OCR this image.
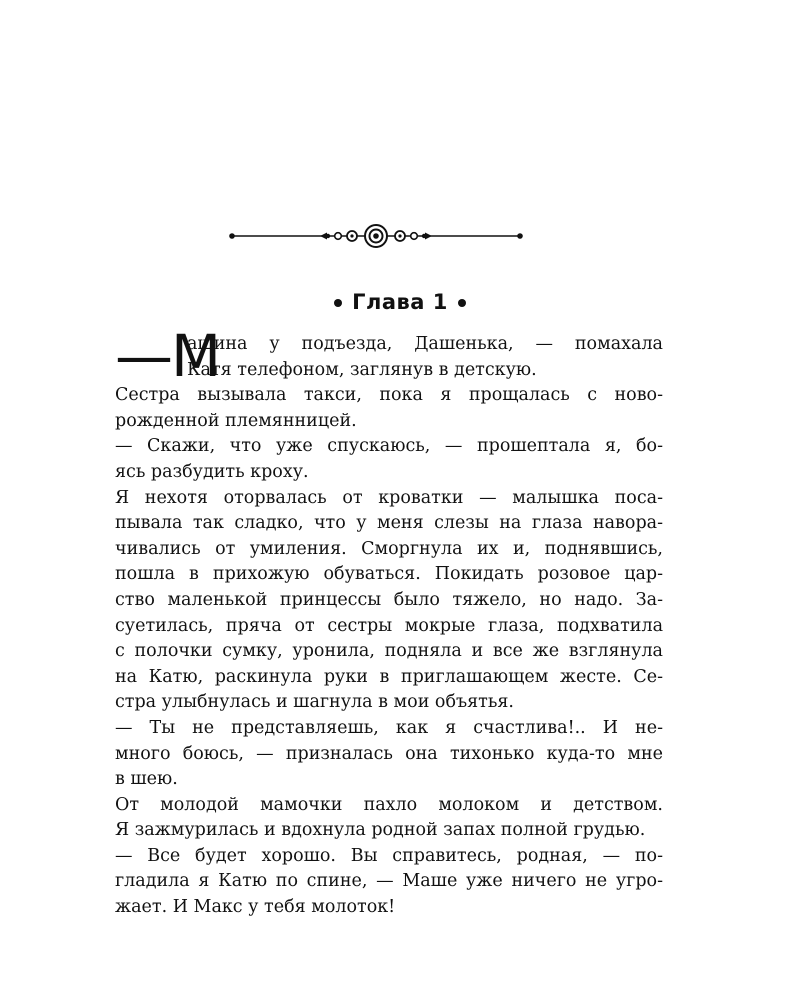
Глава 1
—М
ашина у подъезда, Дашенька, — помахала
Катя телефоном, заглянув в детскую.
Сестра вызывала такси, пока я прощалась с ново-
рожденной племянницей.
— Скажи, что уже спускаюсь, — прошептала я, бо-
ясь разбудить кроху.
Я нехотя оторвалась от кроватки — малышка поса-
пывала так сладко, что у меня слезы на глаза навора-
чивались от умиления. Сморгнула их и, поднявшись,
пошла в прихожую обуваться. Покидать розовое цар-
ство маленькой принцессы было тяжело, но надо. За-
суетилась, пряча от сестры мокрые глаза, подхватила
с полочки сумку, уронила, подняла и все же взглянула
на Катю, раскинула руки в приглашающем жесте. Се-
стра улыбнулась и шагнула в мои объятья.
— Ты не представляешь, как я счастлива!.. И не-
много боюсь, — призналась она тихонько куда-то мне
в шею.
От молодой мамочки пахло молоком и детством.
Я зажмурилась и вдохнула родной запах полной грудью.
— Все будет хорошо. Вы справитесь, родная, — по-
гладила я Катю по спине, — Маше уже ничего не угро-
жает. И Макс у тебя молоток!
